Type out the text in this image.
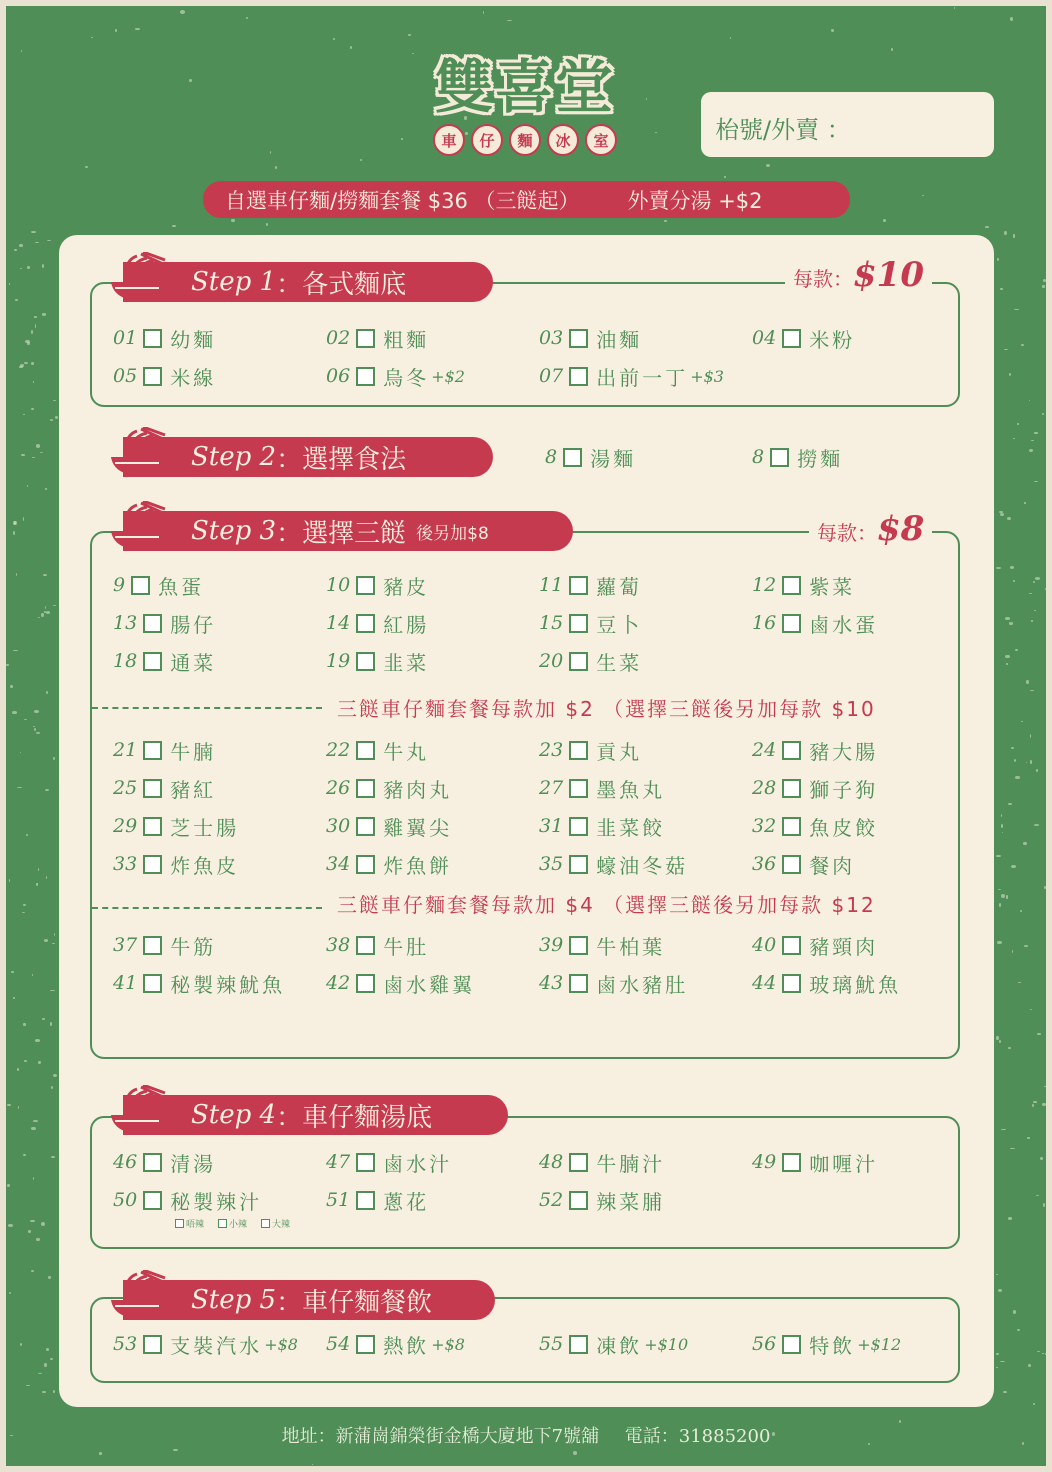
雙喜堂
車	仔	麵	冰	室	枱號/外賣 ：
自選車仔麵/撈麵套餐 $36 （三餸起） 外賣分湯 +$2
Step 1 ：各式麵底
Step 2 ：選擇食法
Step 3 ：選擇三餸 後另加$8
Step 4 ：車仔麵湯底
Step 5 ：車仔麵餐飲
每款：$10
每款：$8
三餸車仔麵套餐每款加 $2 （選擇三餸後另加每款 $10
三餸車仔麵套餐每款加 $4 （選擇三餸後另加每款 $12
唔辣	小辣	大辣
01 幼麵	02 粗麵	03 油麵	04 米粉
05 米線	06 烏冬 +$2	07 出前一丁 +$3
8 湯麵	8 撈麵
9 魚蛋	10 豬皮	11 蘿蔔	12 紫菜
13 腸仔	14 紅腸	15 豆卜	16 鹵水蛋
18 通菜	19 韭菜	20 生菜
21 牛腩	22 牛丸	23 貢丸	24 豬大腸
25 豬紅	26 豬肉丸	27 墨魚丸	28 獅子狗
29 芝士腸	30 雞翼尖	31 韭菜餃	32 魚皮餃
33 炸魚皮	34 炸魚餅	35 蠔油冬菇	36 餐肉
37 牛筋	38 牛肚	39 牛柏葉	40 豬頸肉
41 秘製辣魷魚 42 鹵水雞翼	43 鹵水豬肚	44 玻璃魷魚
46 清湯	47 鹵水汁	48 牛腩汁	49 咖喱汁
50 秘製辣汁	51 蔥花	52 辣菜脯
53 支裝汽水 +$8 54 熱飲 +$8	55 凍飲 +$10	56 特飲 +$12
地址：新蒲崗錦榮街金橋大廈地下7號舖 電話：31885200
